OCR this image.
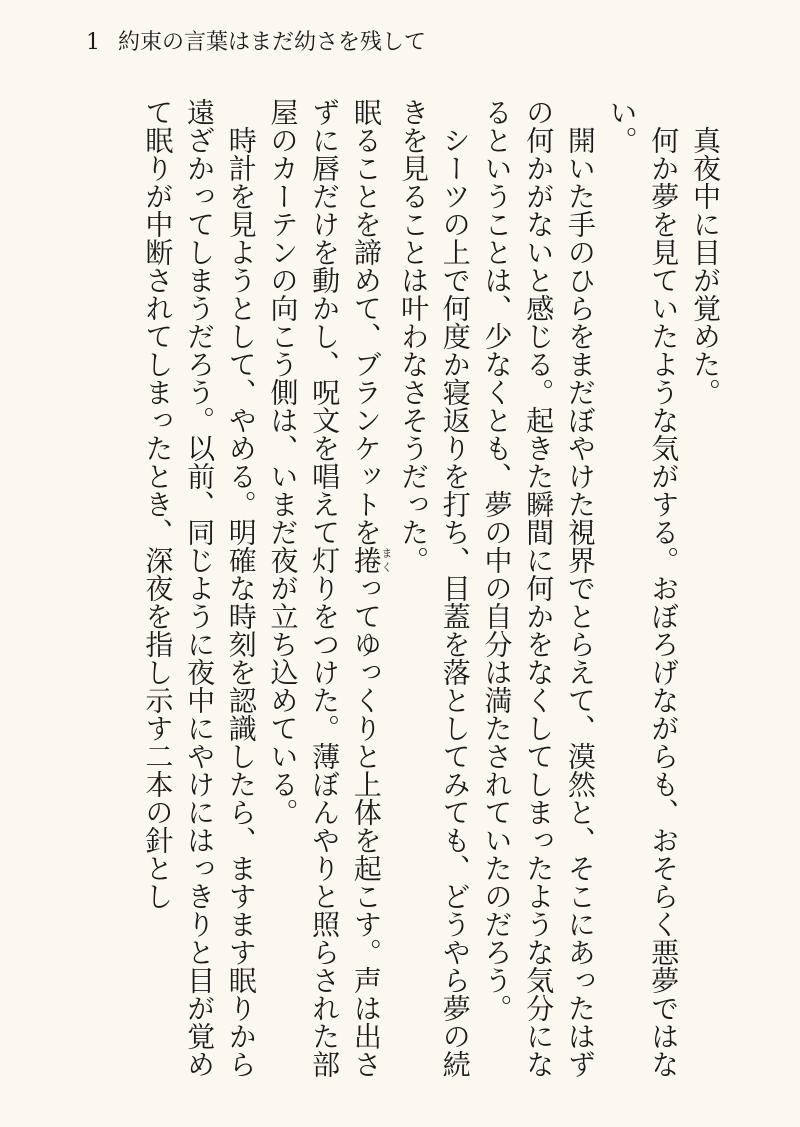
1 約束の言葉はまだ幼さを残して

真夜中に目が覚めた。

何か夢を見ていたような気がする。おぼろげながらも、おそらく悪夢ではない。

開いた手のひらをまだぼやけた視界でとらえて、漠然と、そこにあったはずの何かがないと感じる。起きた瞬間に何かをなくしてしまったような気分になるということは、少なくとも、夢の中の自分は満たされていたのだろう。

シーツの上で何度か寝返りを打ち、目蓋を落としてみても、どうやら夢の続きを見ることは叶わなさそうだった。

眠ることを諦めて、ブランケットを捲まくってゆっくりと上体を起こす。声は出さずに唇だけを動かし、呪文を唱えて灯りをつけた。薄ぼんやりと照らされた部屋のカーテンの向こう側は、いまだ夜が立ち込めている。

時計を見ようとして、やめる。明確な時刻を認識したら、ますます眠りから遠ざかってしまうだろう。以前、同じように夜中にやけにはっきりと目が覚めて眠りが中断されてしまったとき、深夜を指し示す二本の針とし
